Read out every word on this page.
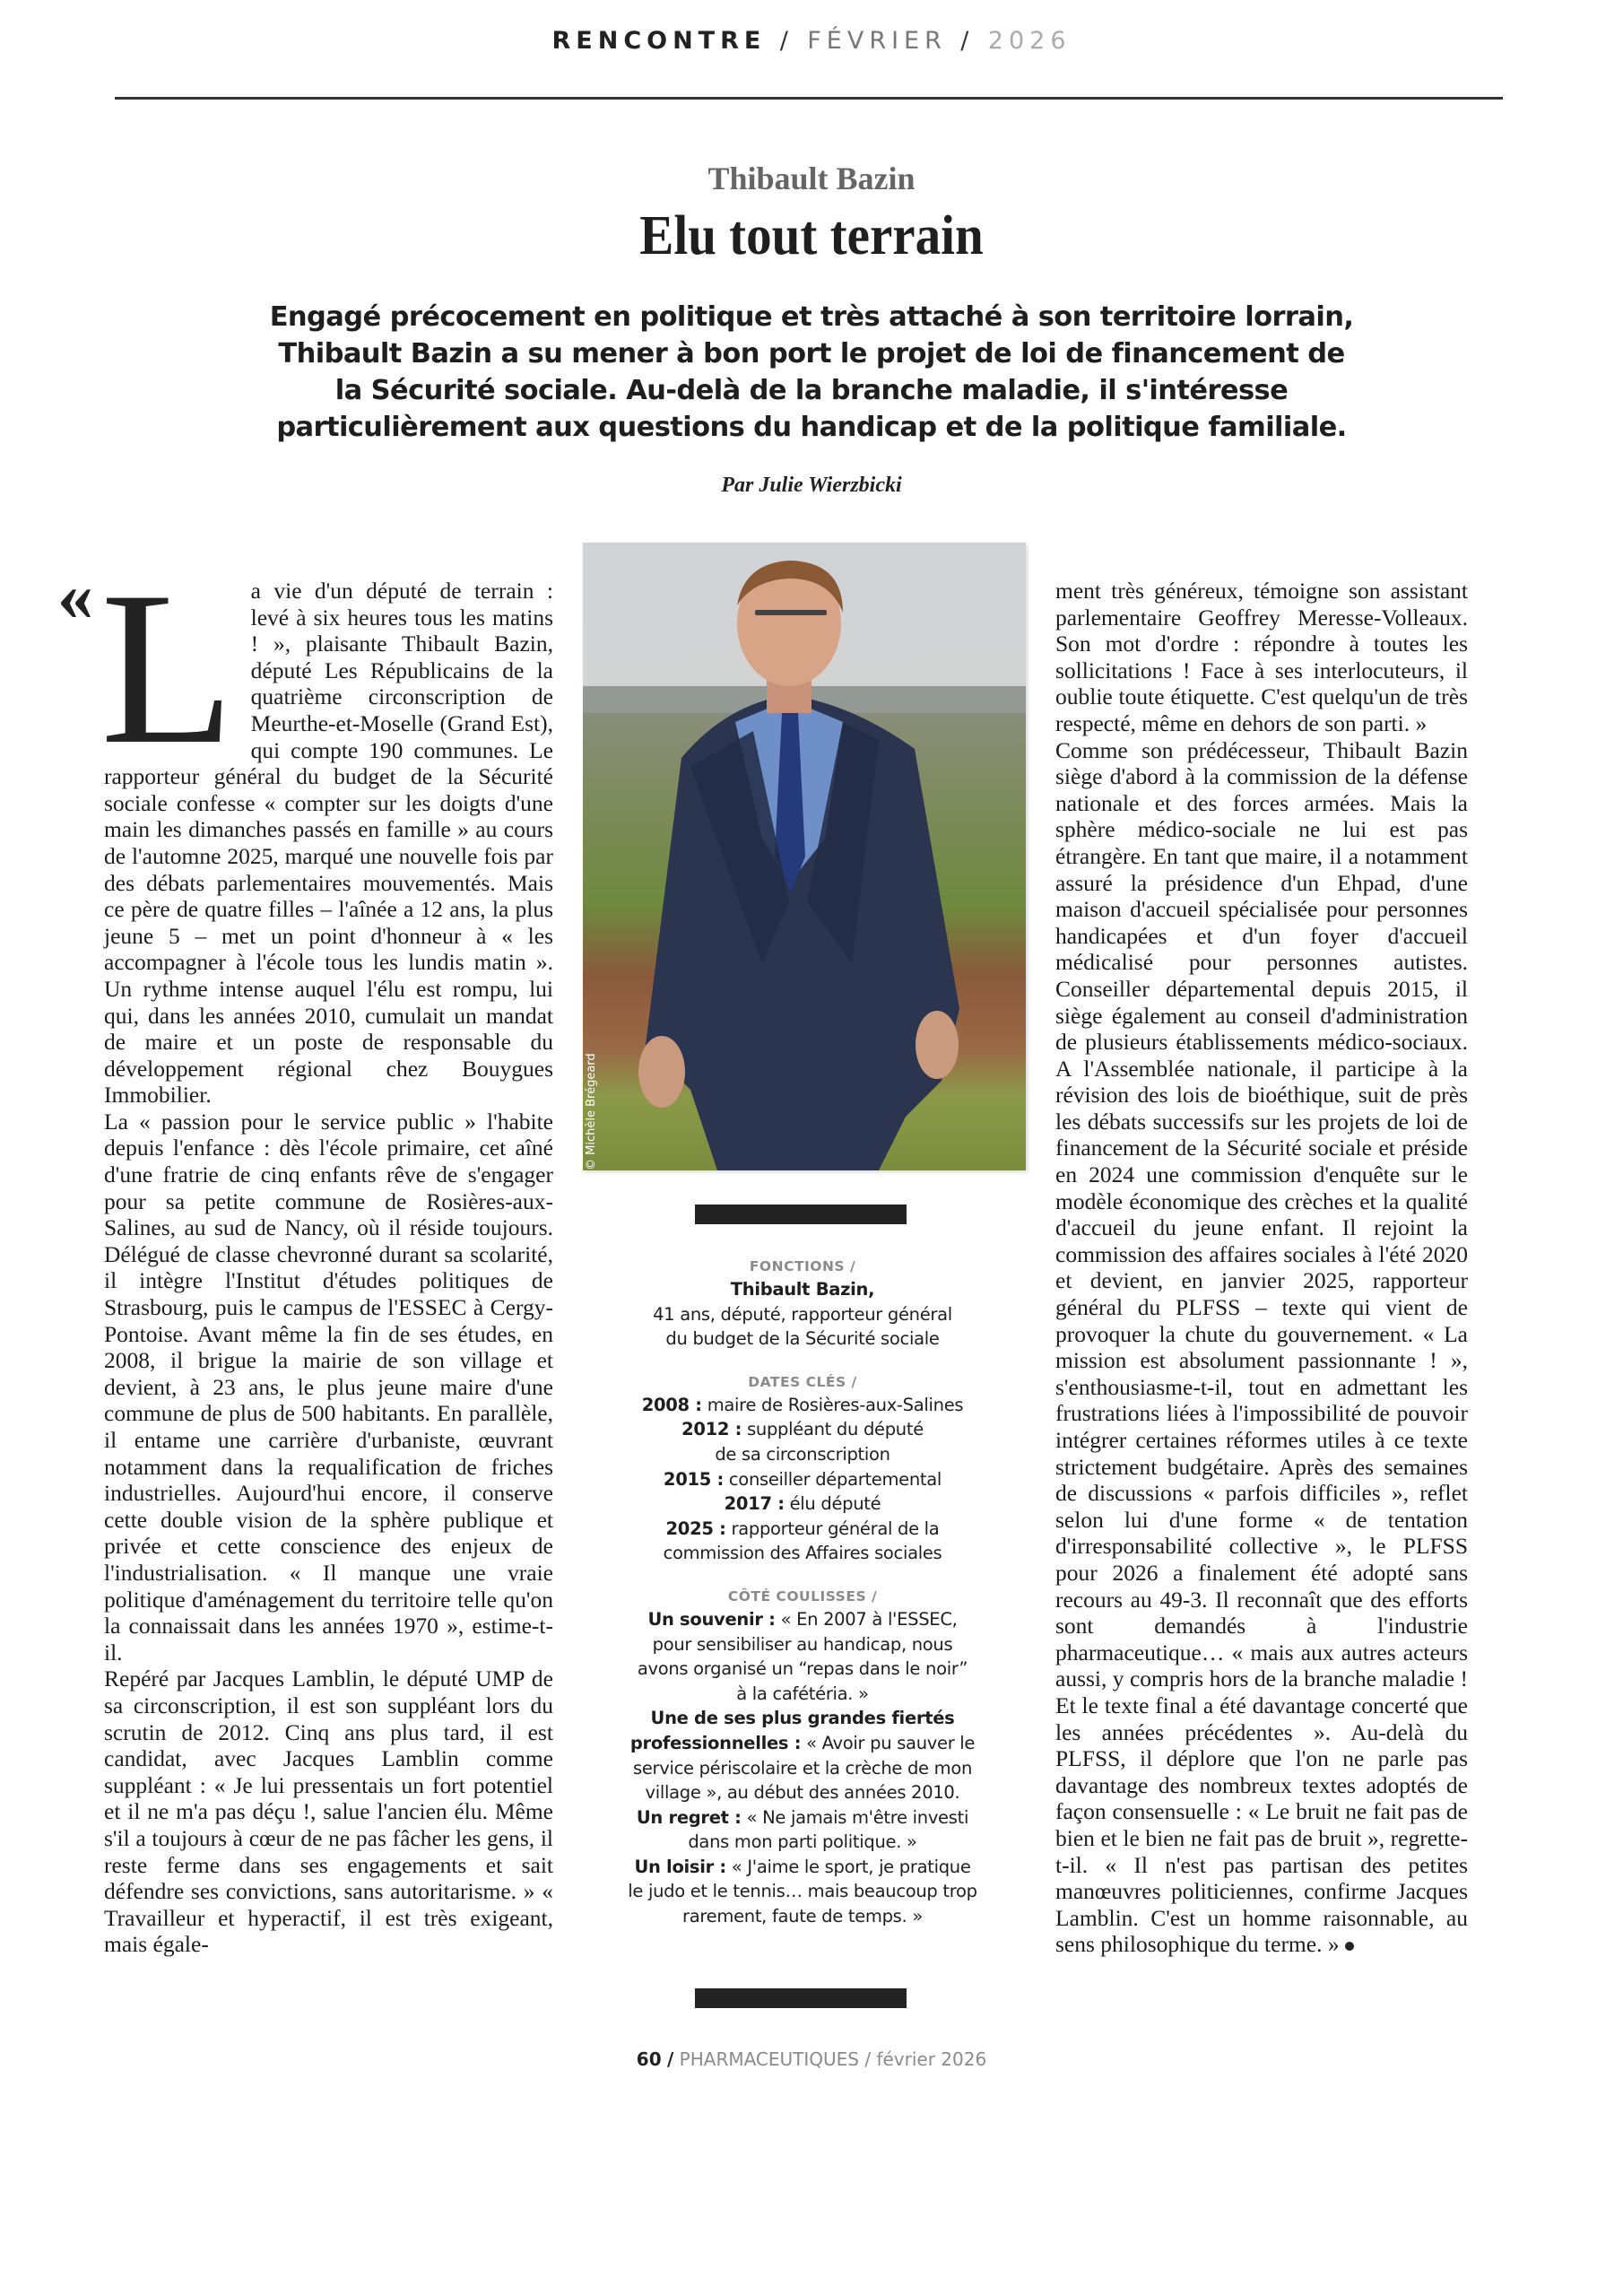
RENCONTRE / FÉVRIER / 2026
Thibault Bazin
Elu tout terrain
Engagé précocement en politique et très attaché à son territoire lorrain, Thibault Bazin a su mener à bon port le projet de loi de financement de la Sécurité sociale. Au-delà de la branche maladie, il s'intéresse particulièrement aux questions du handicap et de la politique familiale.
Par Julie Wierzbicki
« L a vie d'un député de terrain : levé à six heures tous les matins ! », plaisante Thibault Bazin, député Les Républicains de la quatrième circonscription de Meurthe-et-Moselle (Grand Est), qui compte 190 communes. Le rapporteur général du budget de la Sécurité sociale confesse « compter sur les doigts d'une main les dimanches passés en famille » au cours de l'automne 2025, marqué une nouvelle fois par des débats parlementaires mouvementés. Mais ce père de quatre filles – l'aînée a 12 ans, la plus jeune 5 – met un point d'honneur à « les accompagner à l'école tous les lundis matin ». Un rythme intense auquel l'élu est rompu, lui qui, dans les années 2010, cumulait un mandat de maire et un poste de responsable du développement régional chez Bouygues Immobilier.

La « passion pour le service public » l'habite depuis l'enfance : dès l'école primaire, cet aîné d'une fratrie de cinq enfants rêve de s'engager pour sa petite commune de Rosières-aux-Salines, au sud de Nancy, où il réside toujours. Délégué de classe chevronné durant sa scolarité, il intègre l'Institut d'études politiques de Strasbourg, puis le campus de l'ESSEC à Cergy-Pontoise. Avant même la fin de ses études, en 2008, il brigue la mairie de son village et devient, à 23 ans, le plus jeune maire d'une commune de plus de 500 habitants. En parallèle, il entame une carrière d'urbaniste, œuvrant notamment dans la requalification de friches industrielles. Aujourd'hui encore, il conserve cette double vision de la sphère publique et privée et cette conscience des enjeux de l'industrialisation. « Il manque une vraie politique d'aménagement du territoire telle qu'on la connaissait dans les années 1970 », estime-t-il.

Repéré par Jacques Lamblin, le député UMP de sa circonscription, il est son suppléant lors du scrutin de 2012. Cinq ans plus tard, il est candidat, avec Jacques Lamblin comme suppléant : « Je lui pressentais un fort potentiel et il ne m'a pas déçu !, salue l'ancien élu. Même s'il a toujours à cœur de ne pas fâcher les gens, il reste ferme dans ses engagements et sait défendre ses convictions, sans autoritarisme. » « Travailleur et hyperactif, il est très exigeant, mais égale-

© Michèle Brégeard
FONCTIONS /
Thibault Bazin,
41 ans, député, rapporteur général
du budget de la Sécurité sociale
DATES CLÉS /
2008 : maire de Rosières-aux-Salines
2012 : suppléant du député
de sa circonscription
2015 : conseiller départemental
2017 : élu député
2025 : rapporteur général de la
commission des Affaires sociales
CÔTÉ COULISSES /
Un souvenir : « En 2007 à l'ESSEC,
pour sensibiliser au handicap, nous
avons organisé un “repas dans le noir”
à la cafétéria. »
Une de ses plus grandes fiertés professionnelles : « Avoir pu sauver le
service périscolaire et la crèche de mon
village », au début des années 2010.
Un regret : « Ne jamais m'être investi
dans mon parti politique. »
Un loisir : « J'aime le sport, je pratique
le judo et le tennis… mais beaucoup trop
rarement, faute de temps. »

ment très généreux, témoigne son assistant parlementaire Geoffrey Meresse-Volleaux. Son mot d'ordre : répondre à toutes les sollicitations ! Face à ses interlocuteurs, il oublie toute étiquette. C'est quelqu'un de très respecté, même en dehors de son parti. »

Comme son prédécesseur, Thibault Bazin siège d'abord à la commission de la défense nationale et des forces armées. Mais la sphère médico-sociale ne lui est pas étrangère. En tant que maire, il a notamment assuré la présidence d'un Ehpad, d'une maison d'accueil spécialisée pour personnes handicapées et d'un foyer d'accueil médicalisé pour personnes autistes. Conseiller départemental depuis 2015, il siège également au conseil d'administration de plusieurs établissements médico-sociaux. A l'Assemblée nationale, il participe à la révision des lois de bioéthique, suit de près les débats successifs sur les projets de loi de financement de la Sécurité sociale et préside en 2024 une commission d'enquête sur le modèle économique des crèches et la qualité d'accueil du jeune enfant. Il rejoint la commission des affaires sociales à l'été 2020 et devient, en janvier 2025, rapporteur général du PLFSS – texte qui vient de provoquer la chute du gouvernement. « La mission est absolument passionnante ! », s'enthousiasme-t-il, tout en admettant les frustrations liées à l'impossibilité de pouvoir intégrer certaines réformes utiles à ce texte strictement budgétaire. Après des semaines de discussions « parfois difficiles », reflet selon lui d'une forme « de tentation d'irresponsabilité collective », le PLFSS pour 2026 a finalement été adopté sans recours au 49-3. Il reconnaît que des efforts sont demandés à l'industrie pharmaceutique… « mais aux autres acteurs aussi, y compris hors de la branche maladie ! Et le texte final a été davantage concerté que les années précédentes ». Au-delà du PLFSS, il déplore que l'on ne parle pas davantage des nombreux textes adoptés de façon consensuelle : « Le bruit ne fait pas de bien et le bien ne fait pas de bruit », regrette-t-il. « Il n'est pas partisan des petites manœuvres politiciennes, confirme Jacques Lamblin. C'est un homme raisonnable, au sens philosophique du terme. »

60 / PHARMACEUTIQUES / février 2026
